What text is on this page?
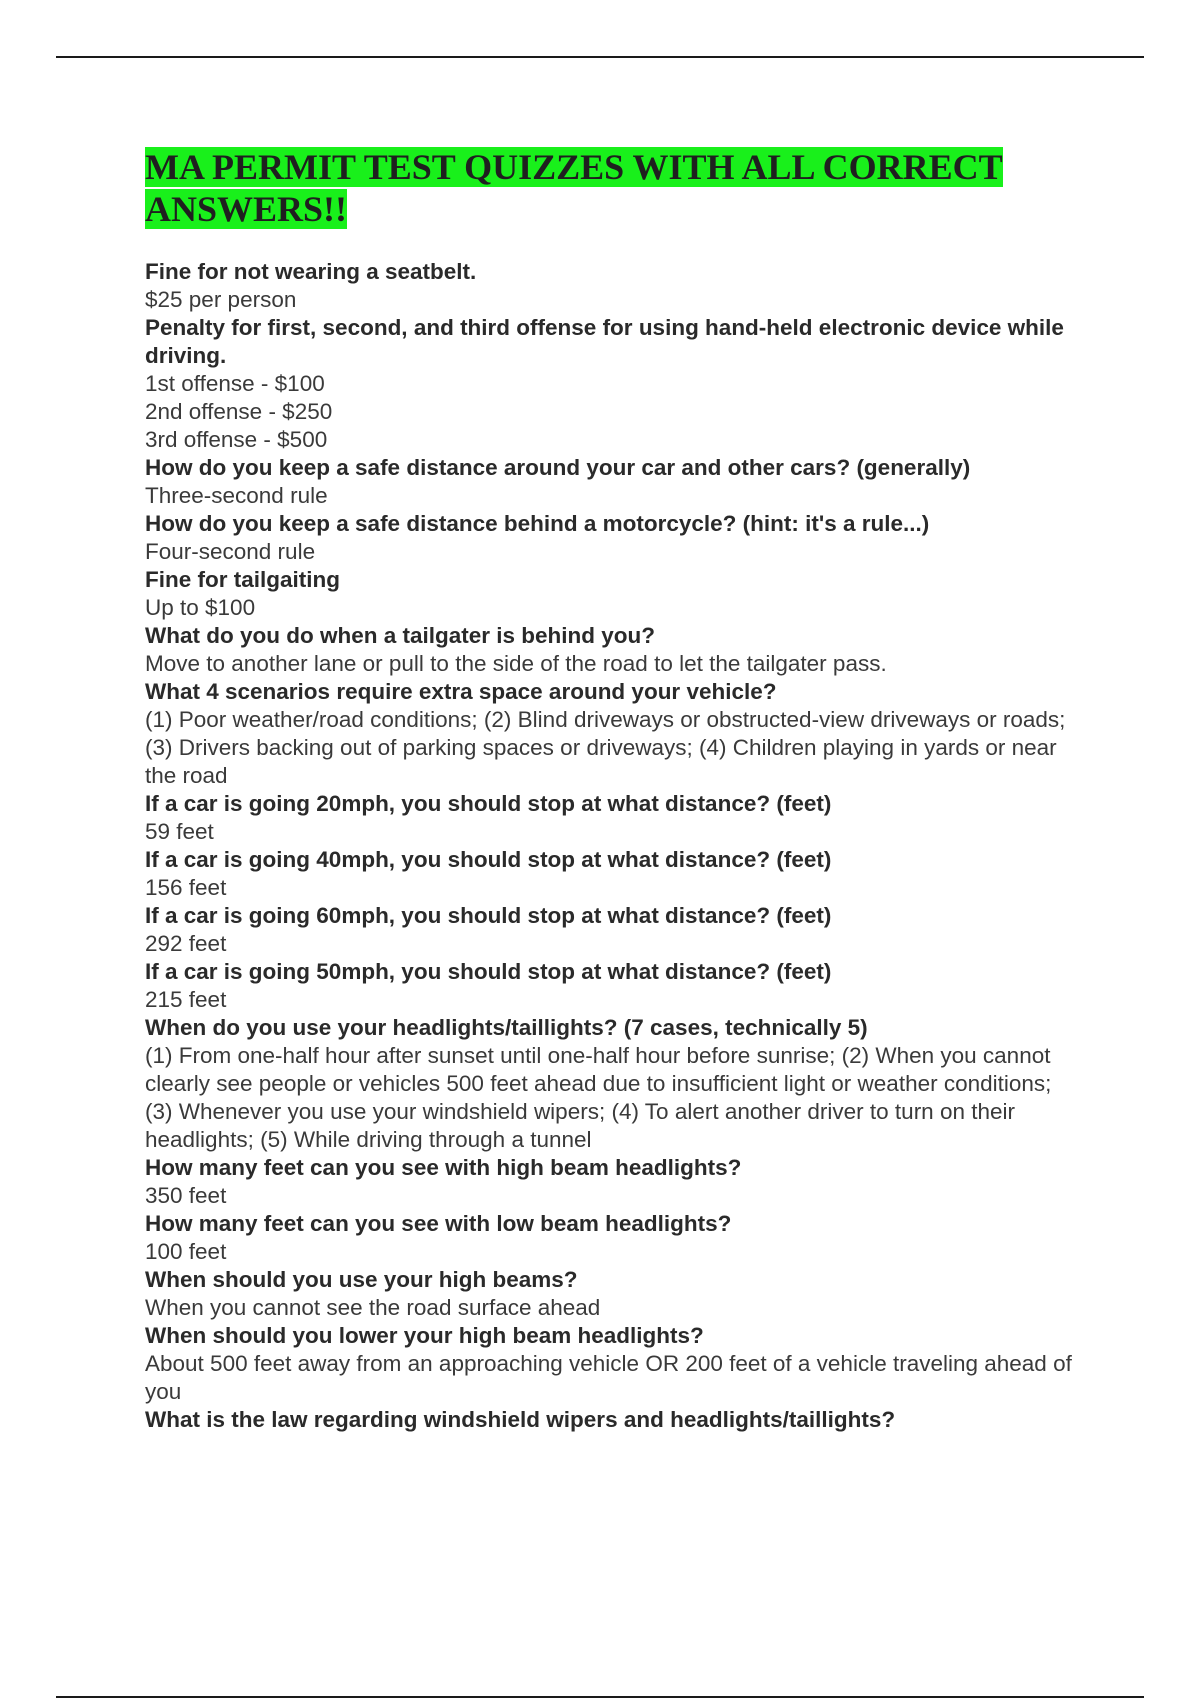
MA PERMIT TEST QUIZZES WITH ALL CORRECT ANSWERS!!
Fine for not wearing a seatbelt.
$25 per person
Penalty for first, second, and third offense for using hand-held electronic device while driving.
1st offense - $100
2nd offense - $250
3rd offense - $500
How do you keep a safe distance around your car and other cars? (generally)
Three-second rule
How do you keep a safe distance behind a motorcycle? (hint: it's a rule...)
Four-second rule
Fine for tailgaiting
Up to $100
What do you do when a tailgater is behind you?
Move to another lane or pull to the side of the road to let the tailgater pass.
What 4 scenarios require extra space around your vehicle?
(1) Poor weather/road conditions; (2) Blind driveways or obstructed-view driveways or roads; (3) Drivers backing out of parking spaces or driveways; (4) Children playing in yards or near the road
If a car is going 20mph, you should stop at what distance? (feet)
59 feet
If a car is going 40mph, you should stop at what distance? (feet)
156 feet
If a car is going 60mph, you should stop at what distance? (feet)
292 feet
If a car is going 50mph, you should stop at what distance? (feet)
215 feet
When do you use your headlights/taillights? (7 cases, technically 5)
(1) From one-half hour after sunset until one-half hour before sunrise; (2) When you cannot clearly see people or vehicles 500 feet ahead due to insufficient light or weather conditions; (3) Whenever you use your windshield wipers; (4) To alert another driver to turn on their headlights; (5) While driving through a tunnel
How many feet can you see with high beam headlights?
350 feet
How many feet can you see with low beam headlights?
100 feet
When should you use your high beams?
When you cannot see the road surface ahead
When should you lower your high beam headlights?
About 500 feet away from an approaching vehicle OR 200 feet of a vehicle traveling ahead of you
What is the law regarding windshield wipers and headlights/taillights?
